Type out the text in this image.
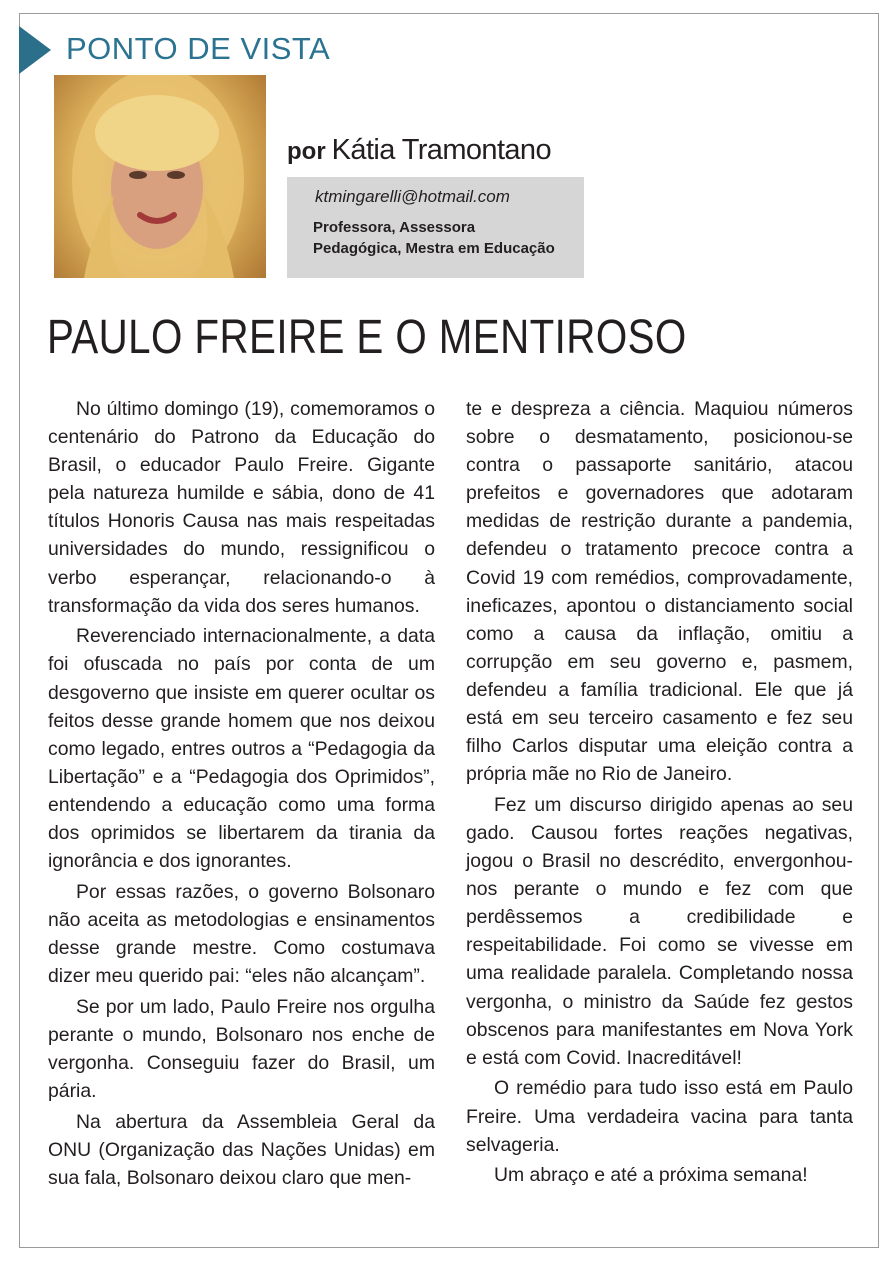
PONTO DE VISTA
por Kátia Tramontano
ktmingarelli@hotmail.com
Professora, Assessora
Pedagógica, Mestra em Educação
PAULO FREIRE E O MENTIROSO

No último domingo (19), comemoramos o centenário do Patrono da Educação do Brasil, o educador Paulo Freire. Gigante pela natureza humilde e sábia, dono de 41 títulos Honoris Causa nas mais respeitadas universidades do mundo, ressignificou o verbo esperançar, relacionando-o à transformação da vida dos seres humanos.

Reverenciado internacionalmente, a data foi ofuscada no país por conta de um desgoverno que insiste em querer ocultar os feitos desse grande homem que nos deixou como legado, entres outros a “Pedagogia da Libertação” e a “Pedagogia dos Oprimidos”, entendendo a educação como uma forma dos oprimidos se libertarem da tirania da ignorância e dos ignorantes.

Por essas razões, o governo Bolsonaro não aceita as metodologias e ensinamentos desse grande mestre. Como costumava dizer meu querido pai: “eles não alcançam”.

Se por um lado, Paulo Freire nos orgulha perante o mundo, Bolsonaro nos enche de vergonha. Conseguiu fazer do Brasil, um pária.

Na abertura da Assembleia Geral da ONU (Organização das Nações Unidas) em sua fala, Bolsonaro deixou claro que men-

te e despreza a ciência. Maquiou números sobre o desmatamento, posicionou-se contra o passaporte sanitário, atacou prefeitos e governadores que adotaram medidas de restrição durante a pandemia, defendeu o tratamento precoce contra a Covid 19 com remédios, comprovadamente, ineficazes, apontou o distanciamento social como a causa da inflação, omitiu a corrupção em seu governo e, pasmem, defendeu a família tradicional. Ele que já está em seu terceiro casamento e fez seu filho Carlos disputar uma eleição contra a própria mãe no Rio de Janeiro.

Fez um discurso dirigido apenas ao seu gado. Causou fortes reações negativas, jogou o Brasil no descrédito, envergonhou-nos perante o mundo e fez com que perdêssemos a credibilidade e respeitabilidade. Foi como se vivesse em uma realidade paralela. Completando nossa vergonha, o ministro da Saúde fez gestos obscenos para manifestantes em Nova York e está com Covid. Inacreditável!

O remédio para tudo isso está em Paulo Freire. Uma verdadeira vacina para tanta selvageria.

Um abraço e até a próxima semana!
